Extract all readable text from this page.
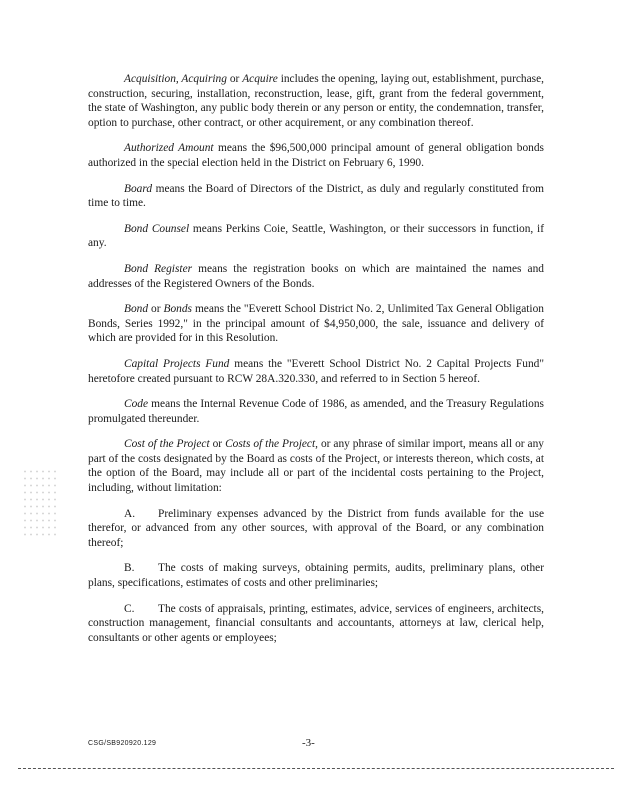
Acquisition, Acquiring or Acquire includes the opening, laying out, establishment, purchase, construction, securing, installation, reconstruction, lease, gift, grant from the federal government, the state of Washington, any public body therein or any person or entity, the condemnation, transfer, option to purchase, other contract, or other acquirement, or any combination thereof.

Authorized Amount means the $96,500,000 principal amount of general obligation bonds authorized in the special election held in the District on February 6, 1990.

Board means the Board of Directors of the District, as duly and regularly constituted from time to time.

Bond Counsel means Perkins Coie, Seattle, Washington, or their successors in function, if any.

Bond Register means the registration books on which are maintained the names and addresses of the Registered Owners of the Bonds.

Bond or Bonds means the "Everett School District No. 2, Unlimited Tax General Obligation Bonds, Series 1992," in the principal amount of $4,950,000, the sale, issuance and delivery of which are provided for in this Resolution.

Capital Projects Fund means the "Everett School District No. 2 Capital Projects Fund" heretofore created pursuant to RCW 28A.320.330, and referred to in Section 5 hereof.

Code means the Internal Revenue Code of 1986, as amended, and the Treasury Regulations promulgated thereunder.

Cost of the Project or Costs of the Project, or any phrase of similar import, means all or any part of the costs designated by the Board as costs of the Project, or interests thereon, which costs, at the option of the Board, may include all or part of the incidental costs pertaining to the Project, including, without limitation:

A. Preliminary expenses advanced by the District from funds available for the use therefor, or advanced from any other sources, with approval of the Board, or any combination thereof;

B. The costs of making surveys, obtaining permits, audits, preliminary plans, other plans, specifications, estimates of costs and other preliminaries;

C. The costs of appraisals, printing, estimates, advice, services of engineers, architects, construction management, financial consultants and accountants, attorneys at law, clerical help, consultants or other agents or employees;

CSG/SB920920.129	-3-
